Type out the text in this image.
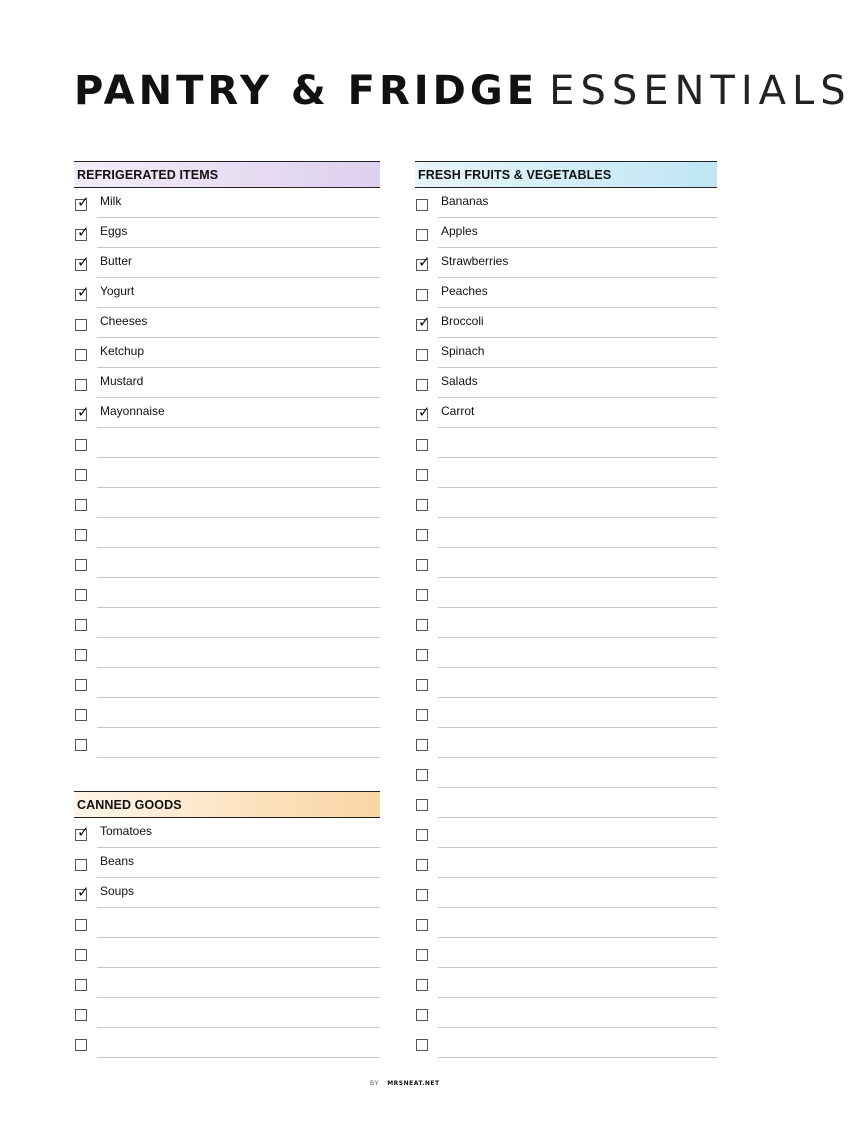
PANTRY & FRIDGE ESSENTIALS
REFRIGERATED ITEMS
✓ Milk
✓ Eggs
✓ Butter
✓ Yogurt
Cheeses
Ketchup
Mustard
✓ Mayonnaise
FRESH FRUITS & VEGETABLES
Bananas
Apples
✓ Strawberries
Peaches
✓ Broccoli
Spinach
Salads
✓ Carrot
CANNED GOODS
✓ Tomatoes
Beans
✓ Soups
BY MRSNEAT.NET
